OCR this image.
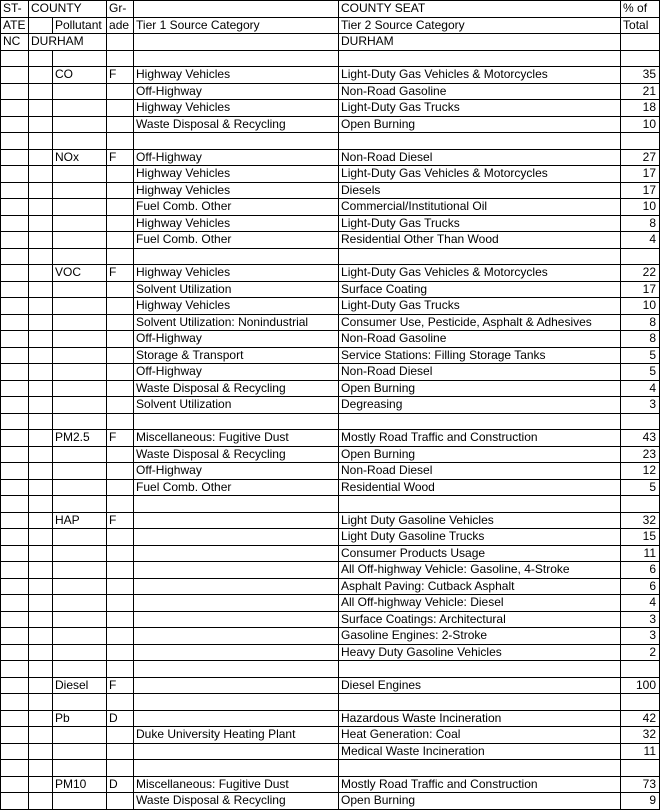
ST-	COUNTY		Gr-		COUNTY SEAT	% of
ATE		Pollutant	ade	Tier 1 Source Category	Tier 2 Source Category	Total
NC	DURHAM				DURHAM	

		CO	F	Highway Vehicles	Light-Duty Gas Vehicles & Motorcycles	35
				Off-Highway	Non-Road Gasoline	21
				Highway Vehicles	Light-Duty Gas Trucks	18
				Waste Disposal & Recycling	Open Burning	10

		NOx	F	Off-Highway	Non-Road Diesel	27
				Highway Vehicles	Light-Duty Gas Vehicles & Motorcycles	17
				Highway Vehicles	Diesels	17
				Fuel Comb. Other	Commercial/Institutional Oil	10
				Highway Vehicles	Light-Duty Gas Trucks	8
				Fuel Comb. Other	Residential Other Than Wood	4

		VOC	F	Highway Vehicles	Light-Duty Gas Vehicles & Motorcycles	22
				Solvent Utilization	Surface Coating	17
				Highway Vehicles	Light-Duty Gas Trucks	10
				Solvent Utilization: Nonindustrial	Consumer Use, Pesticide, Asphalt & Adhesives	8
				Off-Highway	Non-Road Gasoline	8
				Storage & Transport	Service Stations: Filling Storage Tanks	5
				Off-Highway	Non-Road Diesel	5
				Waste Disposal & Recycling	Open Burning	4
				Solvent Utilization	Degreasing	3

		PM2.5	F	Miscellaneous: Fugitive Dust	Mostly Road Traffic and Construction	43
				Waste Disposal & Recycling	Open Burning	23
				Off-Highway	Non-Road Diesel	12
				Fuel Comb. Other	Residential Wood	5

		HAP	F		Light Duty Gasoline Vehicles	32
					Light Duty Gasoline Trucks	15
					Consumer Products Usage	11
					All Off-highway Vehicle: Gasoline, 4-Stroke	6
					Asphalt Paving: Cutback Asphalt	6
					All Off-highway Vehicle: Diesel	4
					Surface Coatings: Architectural	3
					Gasoline Engines: 2-Stroke	3
					Heavy Duty Gasoline Vehicles	2

		Diesel	F		Diesel Engines	100

		Pb	D		Hazardous Waste Incineration	42
				Duke University Heating Plant	Heat Generation: Coal	32
					Medical Waste Incineration	11

		PM10	D	Miscellaneous: Fugitive Dust	Mostly Road Traffic and Construction	73
				Waste Disposal & Recycling	Open Burning	9
